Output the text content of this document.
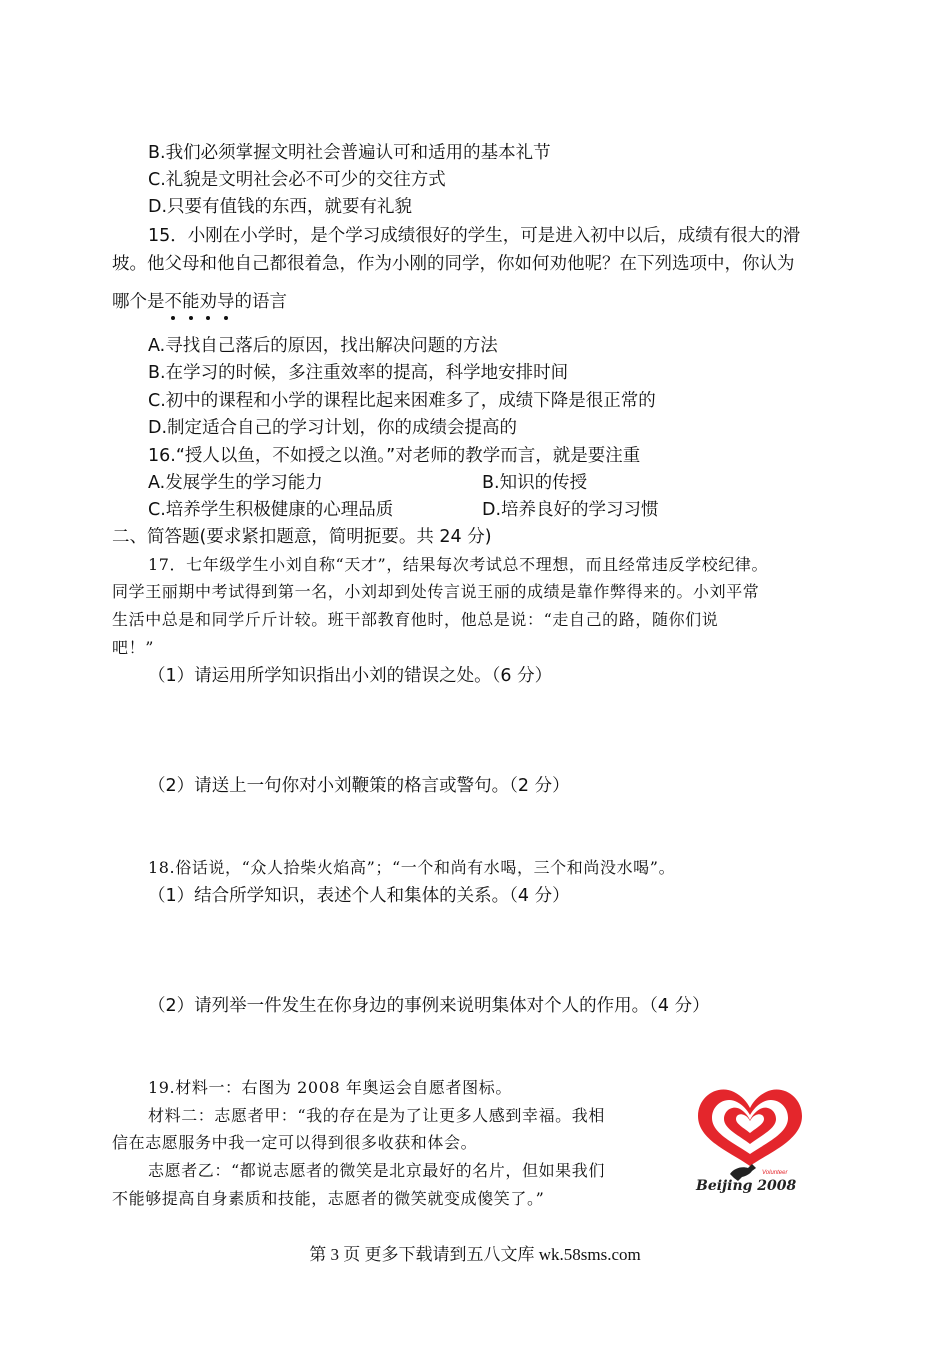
B.我们必须掌握文明社会普遍认可和适用的基本礼节
C.礼貌是文明社会必不可少的交往方式
D.只要有值钱的东西，就要有礼貌
15．小刚在小学时，是个学习成绩很好的学生，可是进入初中以后，成绩有很大的滑
坡。他父母和他自己都很着急，作为小刚的同学，你如何劝他呢？在下列选项中，你认为
哪个是不能劝导的语言
A.寻找自己落后的原因，找出解决问题的方法
B.在学习的时候，多注重效率的提高，科学地安排时间
C.初中的课程和小学的课程比起来困难多了，成绩下降是很正常的
D.制定适合自己的学习计划，你的成绩会提高的
16.“授人以鱼，不如授之以渔。”对老师的教学而言，就是要注重
A.发展学生的学习能力	B.知识的传授
C.培养学生积极健康的心理品质	D.培养良好的学习习惯
二、简答题(要求紧扣题意，简明扼要。共 24 分)
17．七年级学生小刘自称“天才”，结果每次考试总不理想，而且经常违反学校纪律。
同学王丽期中考试得到第一名，小刘却到处传言说王丽的成绩是靠作弊得来的。小刘平常
生活中总是和同学斤斤计较。班干部教育他时，他总是说：“走自己的路，随你们说
吧！”
（1）请运用所学知识指出小刘的错误之处。（6 分）
（2）请送上一句你对小刘鞭策的格言或警句。（2 分）
18.俗话说，“众人拾柴火焰高”；“一个和尚有水喝，三个和尚没水喝”。
（1）结合所学知识，表述个人和集体的关系。（4 分）
（2）请列举一件发生在你身边的事例来说明集体对个人的作用。（4 分）
19.材料一：右图为 2008 年奥运会自愿者图标。
材料二：志愿者甲：“我的存在是为了让更多人感到幸福。我相
信在志愿服务中我一定可以得到很多收获和体会。
志愿者乙：“都说志愿者的微笑是北京最好的名片，但如果我们
不能够提高自身素质和技能，志愿者的微笑就变成傻笑了。”
Volunteer
Beijing 2008
第 3 页 更多下载请到五八文库 wk.58sms.com
